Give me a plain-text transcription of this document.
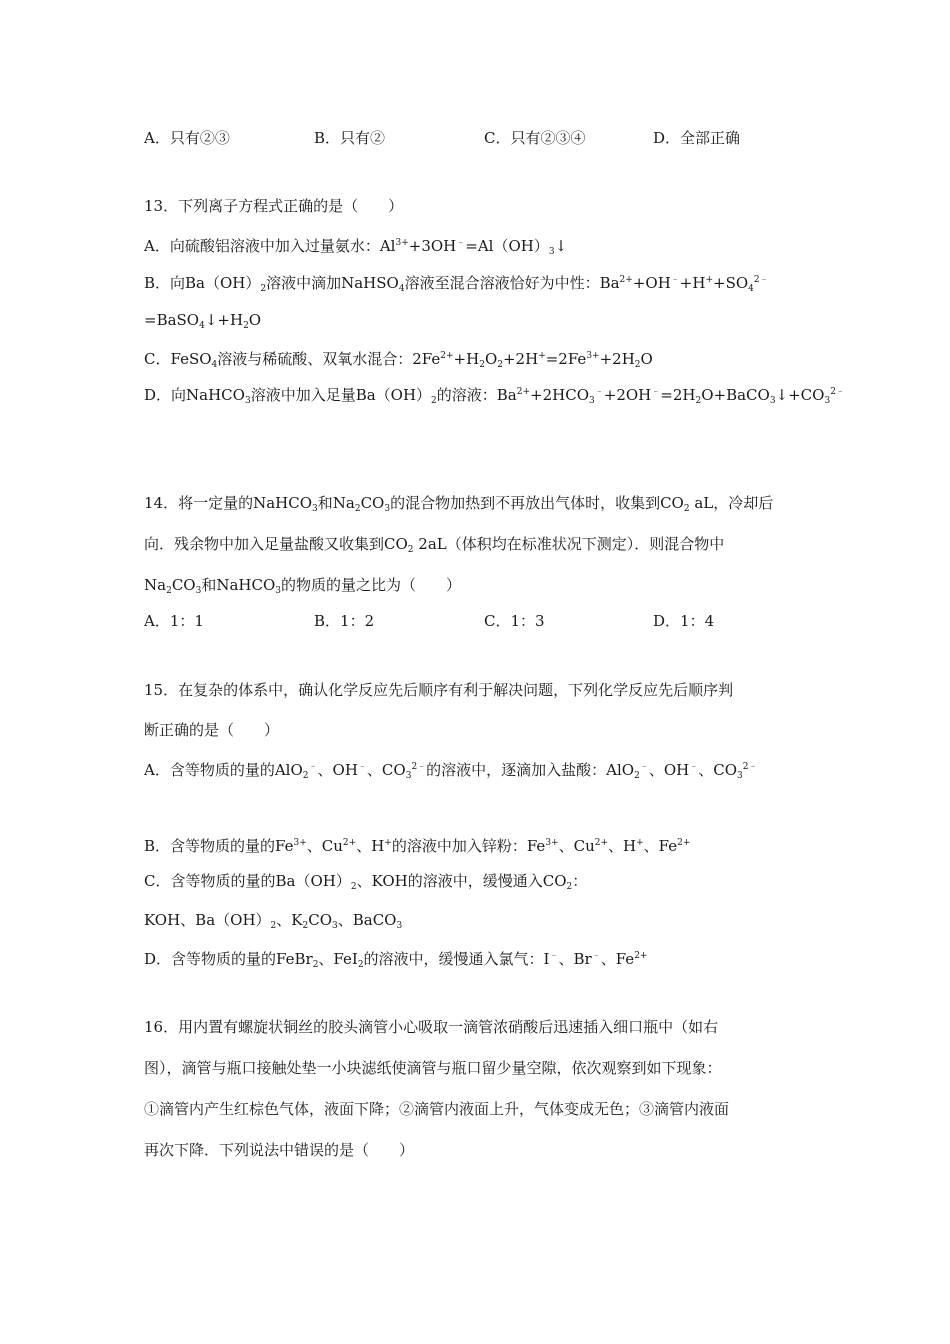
A．只有②③	B．只有②	C．只有②③④	D．全部正确
13．下列离子方程式正确的是（　　）
A．向硫酸铝溶液中加入过量氨水：$Al^{3+}+3OH^﹣=Al(OH)_3↓$
B．向$Ba(OH)_2$溶液中滴加NaHSO$_4$溶液至混合溶液恰好为中性：$Ba^{2+}+OH^﹣+H^++SO_4^{2﹣}$
$=BaSO_4↓+H_2O$
C．FeSO$_4$溶液与稀硫酸、双氧水混合：$2Fe^{2+}+H_2O_2+2H^+=2Fe^{3+}+2H_2O$
D．向NaHCO$_3$溶液中加入足量$Ba(OH)_2$的溶液：$Ba^{2+}+2HCO_3^﹣+2OH^﹣=2H_2O+BaCO_3↓+CO_3^{2﹣}$
14．将一定量的NaHCO$_3$和$Na_2CO_3$的混合物加热到不再放出气体时，收集到$CO_2$ aL，冷却后
向．残余物中加入足量盐酸又收集到$CO_2$ 2aL（体积均在标准状况下测定）．则混合物中
$Na_2CO_3$和NaHCO$_3$的物质的量之比为（　　）
A．1：1	B．1：2	C．1：3	D．1：4
15．在复杂的体系中，确认化学反应先后顺序有利于解决问题，下列化学反应先后顺序判
断正确的是（　　）
A．含等物质的量的AlO$_2$﹣、OH﹣、$CO_3^{2﹣}$的溶液中，逐滴加入盐酸：AlO$_2$﹣、OH﹣、$CO_3^{2﹣}$
B．含等物质的量的$Fe^{3+}$、$Cu^{2+}$、H+的溶液中加入锌粉：$Fe^{3+}$、$Cu^{2+}$、H+、$Fe^{2+}$
C．含等物质的量的$Ba(OH)_2$、KOH的溶液中，缓慢通入$CO_2$：
KOH、$Ba(OH)_2$、$K_2CO_3$、BaCO$_3$
D．含等物质的量的FeBr$_2$、FeI$_2$的溶液中，缓慢通入氯气：I﹣、Br﹣、$Fe^{2+}$
16．用内置有螺旋状铜丝的胶头滴管小心吸取一滴管浓硝酸后迅速插入细口瓶中（如右
图），滴管与瓶口接触处垫一小块滤纸使滴管与瓶口留少量空隙，依次观察到如下现象：
①滴管内产生红棕色气体，液面下降；②滴管内液面上升，气体变成无色；③滴管内液面
再次下降．下列说法中错误的是（　　）
